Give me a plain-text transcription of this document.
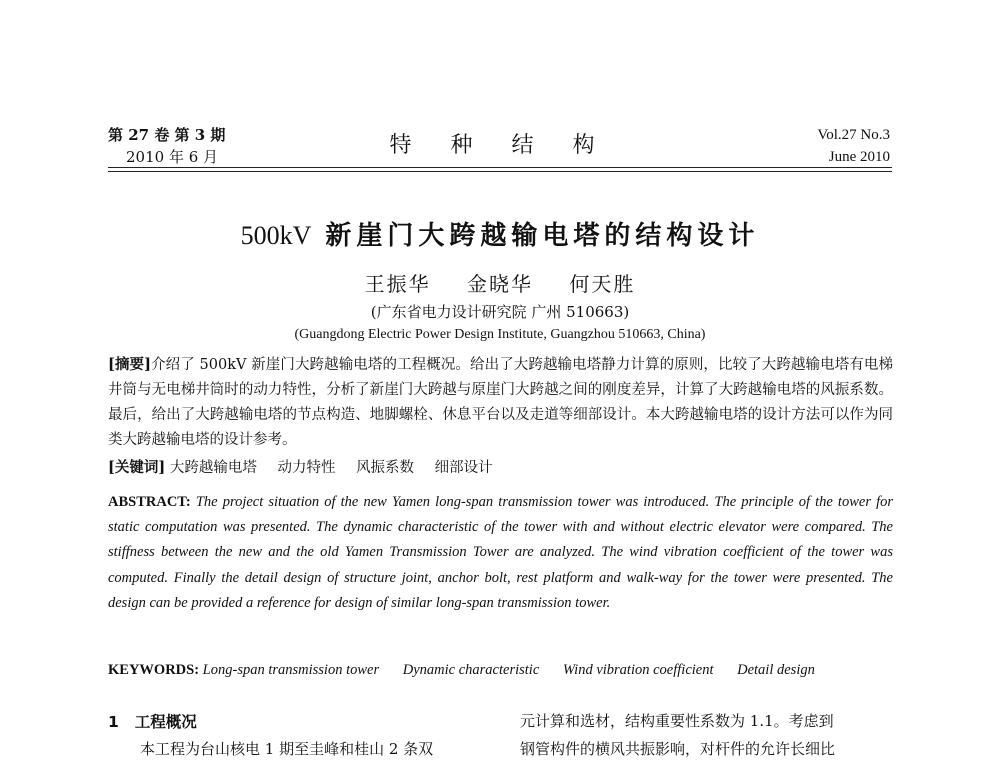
第 27 卷 第 3 期
2010 年 6 月	特 种 结 构	Vol.27 No.3
June 2010
500kV 新崖门大跨越输电塔的结构设计
王振华 金晓华 何天胜
(广东省电力设计研究院 广州 510663)
(Guangdong Electric Power Design Institute, Guangzhou 510663, China)
[摘要]介绍了 500kV 新崖门大跨越输电塔的工程概况。给出了大跨越输电塔静力计算的原则，比较了大跨越输电塔有电梯井筒与无电梯井筒时的动力特性，分析了新崖门大跨越与原崖门大跨越之间的刚度差异，计算了大跨越输电塔的风振系数。最后，给出了大跨越输电塔的节点构造、地脚螺栓、休息平台以及走道等细部设计。本大跨越输电塔的设计方法可以作为同类大跨越输电塔的设计参考。
[关键词] 大跨越输电塔 动力特性 风振系数 细部设计
ABSTRACT: The project situation of the new Yamen long-span transmission tower was introduced. The principle of the tower for static computation was presented. The dynamic characteristic of the tower with and without electric elevator were compared. The stiffness between the new and the old Yamen Transmission Tower are analyzed. The wind vibration coefficient of the tower was computed. Finally the detail design of structure joint, anchor bolt, rest platform and walk-way for the tower were presented. The design can be provided a reference for design of similar long-span transmission tower.
KEYWORDS: Long-span transmission tower Dynamic characteristic Wind vibration coefficient Detail design
1 工程概况
本工程为台山核电 1 期至圭峰和桂山 2 条双
元计算和选材，结构重要性系数为 1.1。考虑到
钢管构件的横风共振影响，对杆件的允许长细比
